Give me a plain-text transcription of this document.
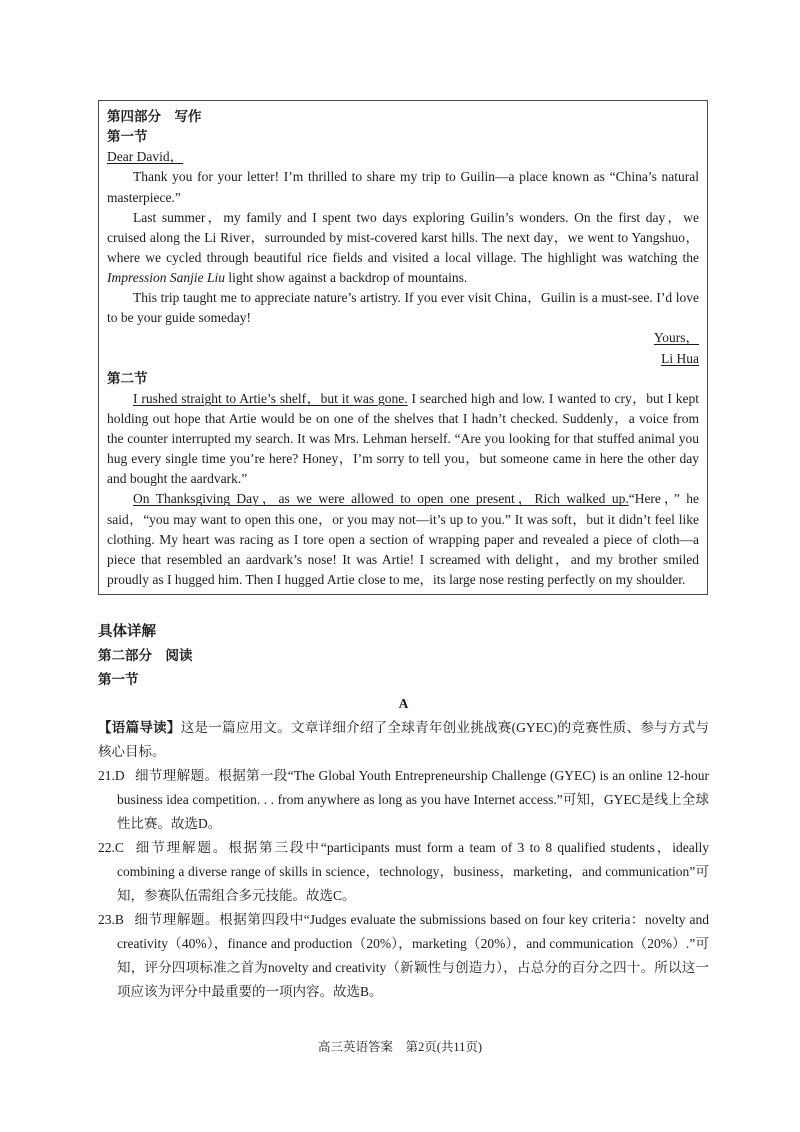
第四部分　写作

第一节

Dear David，

Thank you for your letter! I’m thrilled to share my trip to Guilin—a place known as “China’s natural masterpiece.”

Last summer，my family and I spent two days exploring Guilin’s wonders. On the first day，we cruised along the Li River，surrounded by mist-covered karst hills. The next day，we went to Yangshuo，where we cycled through beautiful rice fields and visited a local village. The highlight was watching the Impression Sanjie Liu light show against a backdrop of mountains.

This trip taught me to appreciate nature’s artistry. If you ever visit China，Guilin is a must-see. I’d love to be your guide someday!

Yours，

Li Hua

第二节

I rushed straight to Artie’s shelf，but it was gone. I searched high and low. I wanted to cry，but I kept holding out hope that Artie would be on one of the shelves that I hadn’t checked. Suddenly，a voice from the counter interrupted my search. It was Mrs. Lehman herself. “Are you looking for that stuffed animal you hug every single time you’re here? Honey，I’m sorry to tell you，but someone came in here the other day and bought the aardvark.”

On Thanksgiving Day，as we were allowed to open one present，Rich walked up.“Here，” he said，“you may want to open this one，or you may not—it’s up to you.” It was soft，but it didn’t feel like clothing. My heart was racing as I tore open a section of wrapping paper and revealed a piece of cloth—a piece that resembled an aardvark’s nose! It was Artie! I screamed with delight，and my brother smiled proudly as I hugged him. Then I hugged Artie close to me，its large nose resting perfectly on my shoulder.

具体详解

第二部分　阅读

第一节

A

【语篇导读】这是一篇应用文。文章详细介绍了全球青年创业挑战赛(GYEC)的竞赛性质、参与方式与核心目标。

21.D 细节理解题。根据第一段“The Global Youth Entrepreneurship Challenge (GYEC) is an online 12-hour business idea competition. . . from anywhere as long as you have Internet access.”可知，GYEC是线上全球性比赛。故选D。

22.C 细节理解题。根据第三段中“participants must form a team of 3 to 8 qualified students，ideally combining a diverse range of skills in science，technology，business，marketing，and communication”可知，参赛队伍需组合多元技能。故选C。

23.B 细节理解题。根据第四段中“Judges evaluate the submissions based on four key criteria：novelty and creativity（40%），finance and production（20%），marketing（20%），and communication（20%）.”可知，评分四项标准之首为novelty and creativity（新颖性与创造力），占总分的百分之四十。所以这一项应该为评分中最重要的一项内容。故选B。

高三英语答案　第2页(共11页)
